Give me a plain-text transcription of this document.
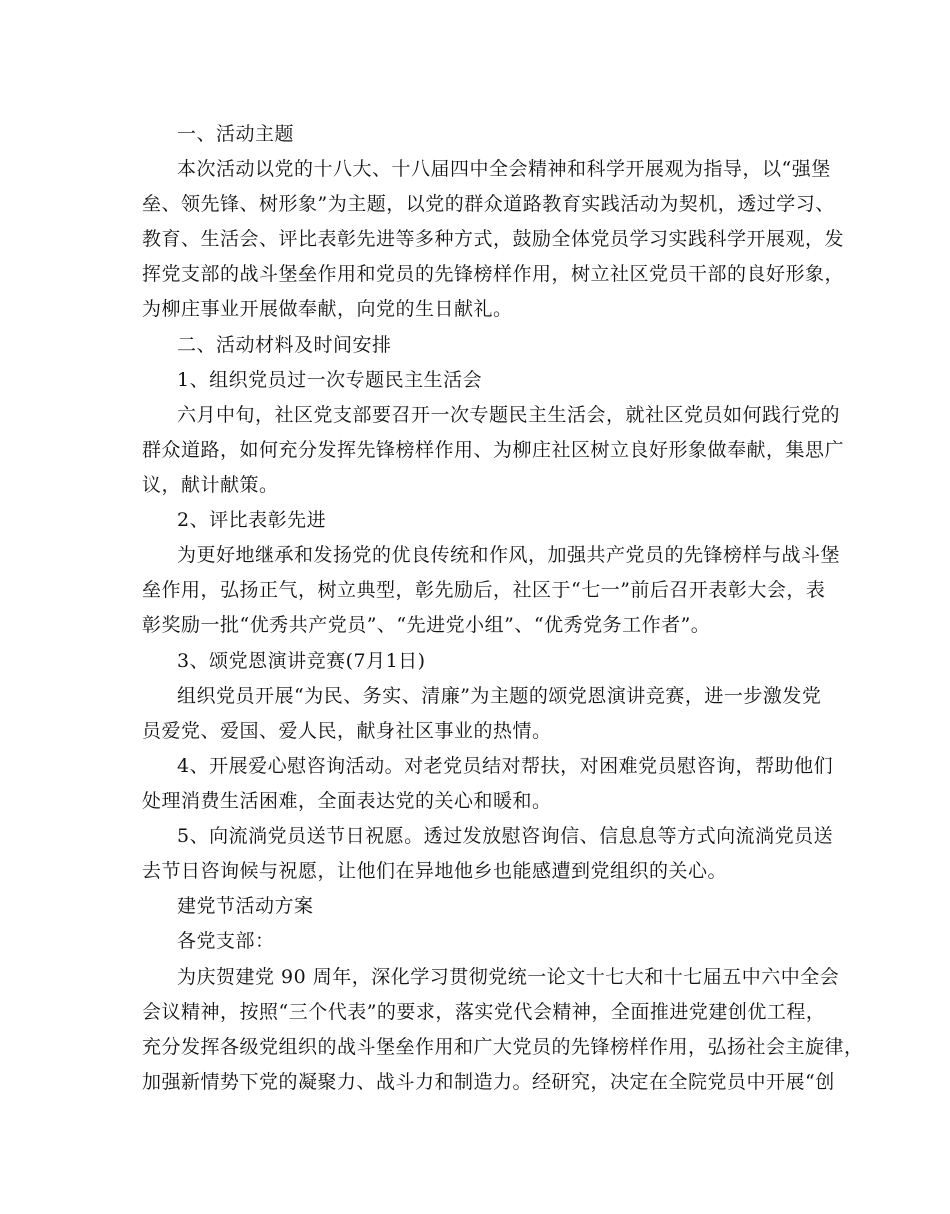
一、活动主题
本次活动以党的十八大、十八届四中全会精神和科学开展观为指导，以“强堡
垒、领先锋、树形象”为主题，以党的群众道路教育实践活动为契机，透过学习、
教育、生活会、评比表彰先进等多种方式，鼓励全体党员学习实践科学开展观，发
挥党支部的战斗堡垒作用和党员的先锋榜样作用，树立社区党员干部的良好形象，
为柳庄事业开展做奉献，向党的生日献礼。
二、活动材料及时间安排
1、组织党员过一次专题民主生活会
六月中旬，社区党支部要召开一次专题民主生活会，就社区党员如何践行党的
群众道路，如何充分发挥先锋榜样作用、为柳庄社区树立良好形象做奉献，集思广
议，献计献策。
2、评比表彰先进
为更好地继承和发扬党的优良传统和作风，加强共产党员的先锋榜样与战斗堡
垒作用，弘扬正气，树立典型，彰先励后，社区于“七一”前后召开表彰大会，表
彰奖励一批“优秀共产党员”、“先进党小组”、“优秀党务工作者”。
3、颂党恩演讲竞赛(7月1日)
组织党员开展“为民、务实、清廉”为主题的颂党恩演讲竞赛，进一步激发党
员爱党、爱国、爱人民，献身社区事业的热情。
4、开展爱心慰咨询活动。对老党员结对帮扶，对困难党员慰咨询，帮助他们
处理消费生活困难，全面表达党的关心和暖和。
5、向流淌党员送节日祝愿。透过发放慰咨询信、信息息等方式向流淌党员送
去节日咨询候与祝愿，让他们在异地他乡也能感遭到党组织的关心。
建党节活动方案
各党支部：
为庆贺建党 90 周年，深化学习贯彻党统一论文十七大和十七届五中六中全会
会议精神，按照“三个代表”的要求，落实党代会精神，全面推进党建创优工程，
充分发挥各级党组织的战斗堡垒作用和广大党员的先锋榜样作用，弘扬社会主旋律，
加强新情势下党的凝聚力、战斗力和制造力。经研究，决定在全院党员中开展“创
